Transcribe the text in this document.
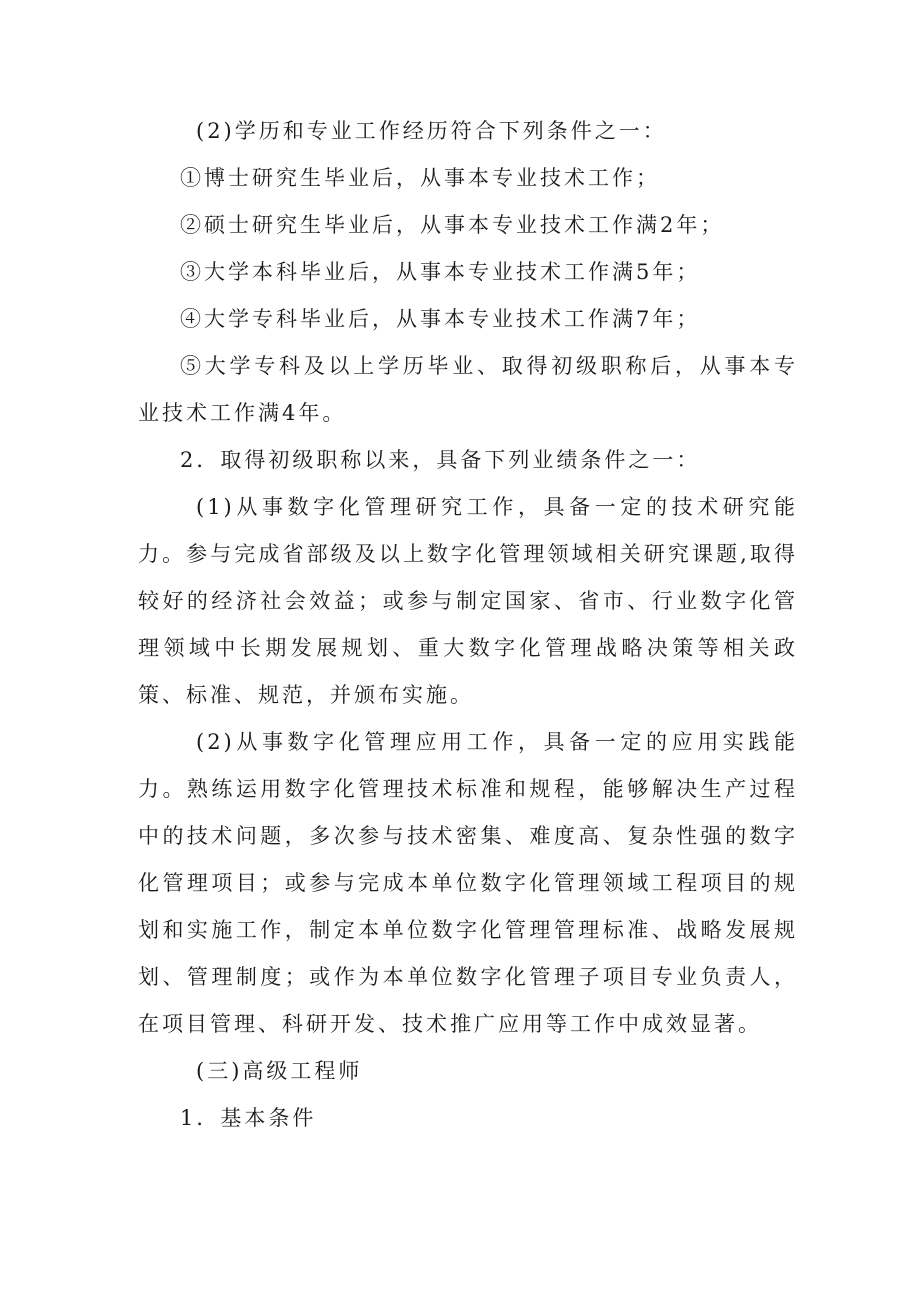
(2)学历和专业工作经历符合下列条件之一：

①博士研究生毕业后，从事本专业技术工作；

②硕士研究生毕业后，从事本专业技术工作满2年；

③大学本科毕业后，从事本专业技术工作满5年；

④大学专科毕业后，从事本专业技术工作满7年；

⑤大学专科及以上学历毕业、取得初级职称后，从事本专业技术工作满4年。

2．取得初级职称以来，具备下列业绩条件之一：

(1)从事数字化管理研究工作，具备一定的技术研究能力。参与完成省部级及以上数字化管理领域相关研究课题,取得较好的经济社会效益；或参与制定国家、省市、行业数字化管理领域中长期发展规划、重大数字化管理战略决策等相关政策、标准、规范，并颁布实施。

(2)从事数字化管理应用工作，具备一定的应用实践能力。熟练运用数字化管理技术标准和规程，能够解决生产过程中的技术问题，多次参与技术密集、难度高、复杂性强的数字化管理项目；或参与完成本单位数字化管理领域工程项目的规划和实施工作，制定本单位数字化管理管理标准、战略发展规划、管理制度；或作为本单位数字化管理子项目专业负责人，在项目管理、科研开发、技术推广应用等工作中成效显著。

(三)高级工程师

1．基本条件
